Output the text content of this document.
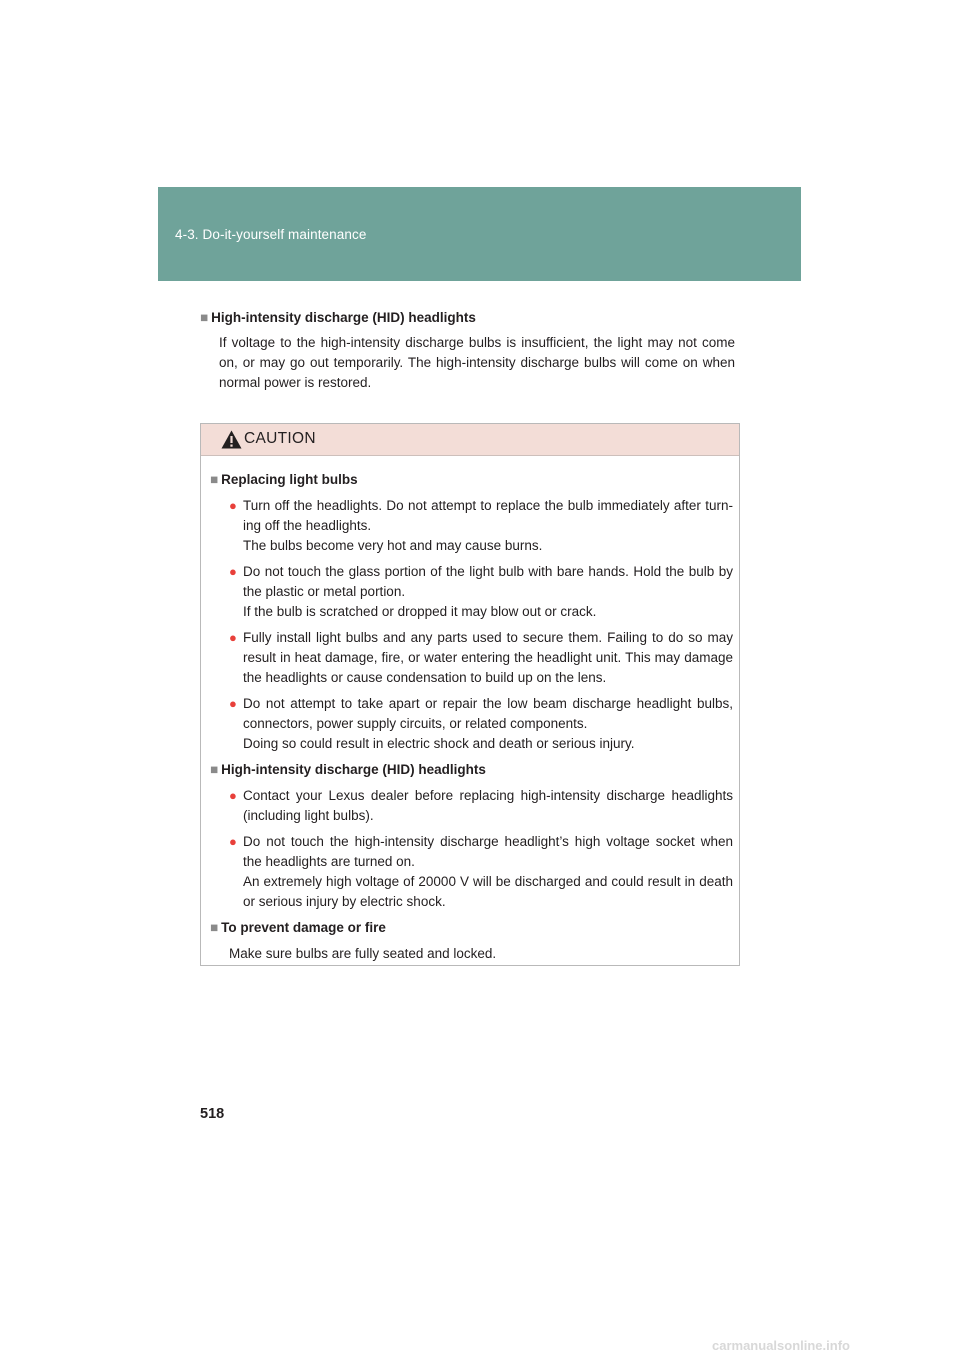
4-3. Do-it-yourself maintenance
■ High-intensity discharge (HID) headlights
If voltage to the high-intensity discharge bulbs is insufficient, the light may not come on, or may go out temporarily. The high-intensity discharge bulbs will come on when normal power is restored.
CAUTION
■ Replacing light bulbs
● Turn off the headlights. Do not attempt to replace the bulb immediately after turn-ing off the headlights.
The bulbs become very hot and may cause burns.
● Do not touch the glass portion of the light bulb with bare hands. Hold the bulb by the plastic or metal portion.
If the bulb is scratched or dropped it may blow out or crack.
● Fully install light bulbs and any parts used to secure them. Failing to do so may result in heat damage, fire, or water entering the headlight unit. This may damage the headlights or cause condensation to build up on the lens.
● Do not attempt to take apart or repair the low beam discharge headlight bulbs, connectors, power supply circuits, or related components.
Doing so could result in electric shock and death or serious injury.
■ High-intensity discharge (HID) headlights
● Contact your Lexus dealer before replacing high-intensity discharge headlights (including light bulbs).
● Do not touch the high-intensity discharge headlight’s high voltage socket when the headlights are turned on.
An extremely high voltage of 20000 V will be discharged and could result in death or serious injury by electric shock.
■ To prevent damage or fire
Make sure bulbs are fully seated and locked.
518
carmanualsonline.info
